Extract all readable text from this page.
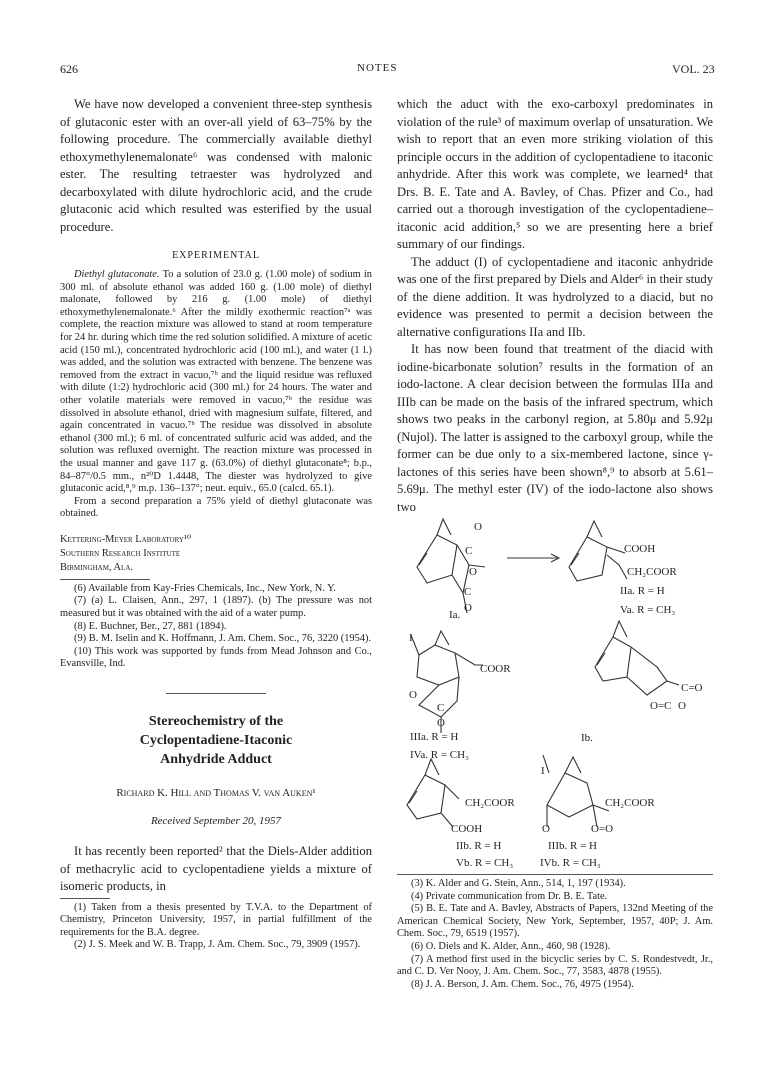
626	NOTES	VOL. 23

We have now developed a convenient three-step synthesis of glutaconic ester with an over-all yield of 63–75% by the following procedure. The commercially available diethyl ethoxymethylenemalonate⁶ was condensed with malonic ester. The resulting tetraester was hydrolyzed and decarboxylated with dilute hydrochloric acid, and the crude glutaconic acid which resulted was esterified by the usual procedure.

EXPERIMENTAL

Diethyl glutaconate. To a solution of 23.0 g. (1.00 mole) of sodium in 300 ml. of absolute ethanol was added 160 g. (1.00 mole) of diethyl malonate, followed by 216 g. (1.00 mole) of diethyl ethoxymethylenemalonate.⁶ After the mildly exothermic reaction⁷ᵃ was complete, the reaction mixture was allowed to stand at room temperature for 24 hr. during which time the red solution solidified. A mixture of acetic acid (150 ml.), concentrated hydrochloric acid (100 ml.), and water (1 l.) was added, and the solution was extracted with benzene. The benzene was removed from the extract in vacuo,⁷ᵇ and the liquid residue was refluxed with dilute (1:2) hydrochloric acid (300 ml.) for 24 hours. The water and other volatile materials were removed in vacuo,⁷ᵇ the residue was dissolved in absolute ethanol, dried with magnesium sulfate, filtered, and again concentrated in vacuo.⁷ᵇ The residue was dissolved in absolute ethanol (300 ml.); 6 ml. of concentrated sulfuric acid was added, and the solution was refluxed overnight. The reaction mixture was processed in the usual manner and gave 117 g. (63.0%) of diethyl glutaconate⁸; b.p., 84–87°/0.5 mm., n²⁰D 1.4448, The diester was hydrolyzed to give glutaconic acid,⁸,⁹ m.p. 136–137°; neut. equiv., 65.0 (calcd. 65.1).

From a second preparation a 75% yield of diethyl glutaconate was obtained.

Kettering-Meyer Laboratory¹⁰
Southern Research Institute
Birmingham, Ala.

(6) Available from Kay-Fries Chemicals, Inc., New York, N. Y.

(7) (a) L. Claisen, Ann., 297, 1 (1897). (b) The pressure was not measured but it was obtained with the aid of a water pump.

(8) E. Buchner, Ber., 27, 881 (1894).

(9) B. M. Iselin and K. Hoffmann, J. Am. Chem. Soc., 76, 3220 (1954).

(10) This work was supported by funds from Mead Johnson and Co., Evansville, Ind.

Stereochemistry of the
Cyclopentadiene-Itaconic
Anhydride Adduct
Richard K. Hill and Thomas V. van Auken¹
Received September 20, 1957

It has recently been reported² that the Diels-Alder addition of methacrylic acid to cyclopentadiene yields a mixture of isomeric products, in

(1) Taken from a thesis presented by T.V.A. to the Department of Chemistry, Princeton University, 1957, in partial fulfillment of the requirements for the B.A. degree.

(2) J. S. Meek and W. B. Trapp, J. Am. Chem. Soc., 79, 3909 (1957).

which the aduct with the exo-carboxyl predominates in violation of the rule³ of maximum overlap of unsaturation. We wish to report that an even more striking violation of this principle occurs in the addition of cyclopentadiene to itaconic anhydride. After this work was complete, we learned⁴ that Drs. B. E. Tate and A. Bavley, of Chas. Pfizer and Co., had carried out a thorough investigation of the cyclopentadiene–itaconic acid addition,⁵ so we are presenting here a brief summary of our findings.

The adduct (I) of cyclopentadiene and itaconic anhydride was one of the first prepared by Diels and Alder⁶ in their study of the diene addition. It was hydrolyzed to a diacid, but no evidence was presented to permit a decision between the alternative configurations IIa and IIb.

It has now been found that treatment of the diacid with iodine-bicarbonate solution⁷ results in the formation of an iodo-lactone. A clear decision between the formulas IIIa and IIIb can be made on the basis of the infrared spectrum, which shows two peaks in the carbonyl region, at 5.80μ and 5.92μ (Nujol). The latter is assigned to the carboxyl group, while the former can be due only to a six-membered lactone, since γ-lactones of this series have been shown⁸,⁹ to absorb at 5.61–5.69μ. The methyl ester (IV) of the iodo-lactone also shows two

O
C
O
C
O
Ia.
COOH
CH₂COOR
IIa. R = H
Va. R = CH₃
I
COOR
O
C
O
IIIa. R = H
IVa. R = CH₃
C=O
O=C O
Ib.
I
CH₂COOR
COOH
IIb. R = H
Vb. R = CH₃
CH₂COOR
O	O=O
IIIb. R = H
IVb. R = CH₃

(3) K. Alder and G. Stein, Ann., 514, 1, 197 (1934).

(4) Private communication from Dr. B. E. Tate.

(5) B. E. Tate and A. Bavley, Abstracts of Papers, 132nd Meeting of the American Chemical Society, New York, September, 1957, 40P; J. Am. Chem. Soc., 79, 6519 (1957).

(6) O. Diels and K. Alder, Ann., 460, 98 (1928).

(7) A method first used in the bicyclic series by C. S. Rondestvedt, Jr., and C. D. Ver Nooy, J. Am. Chem. Soc., 77, 3583, 4878 (1955).

(8) J. A. Berson, J. Am. Chem. Soc., 76, 4975 (1954).
